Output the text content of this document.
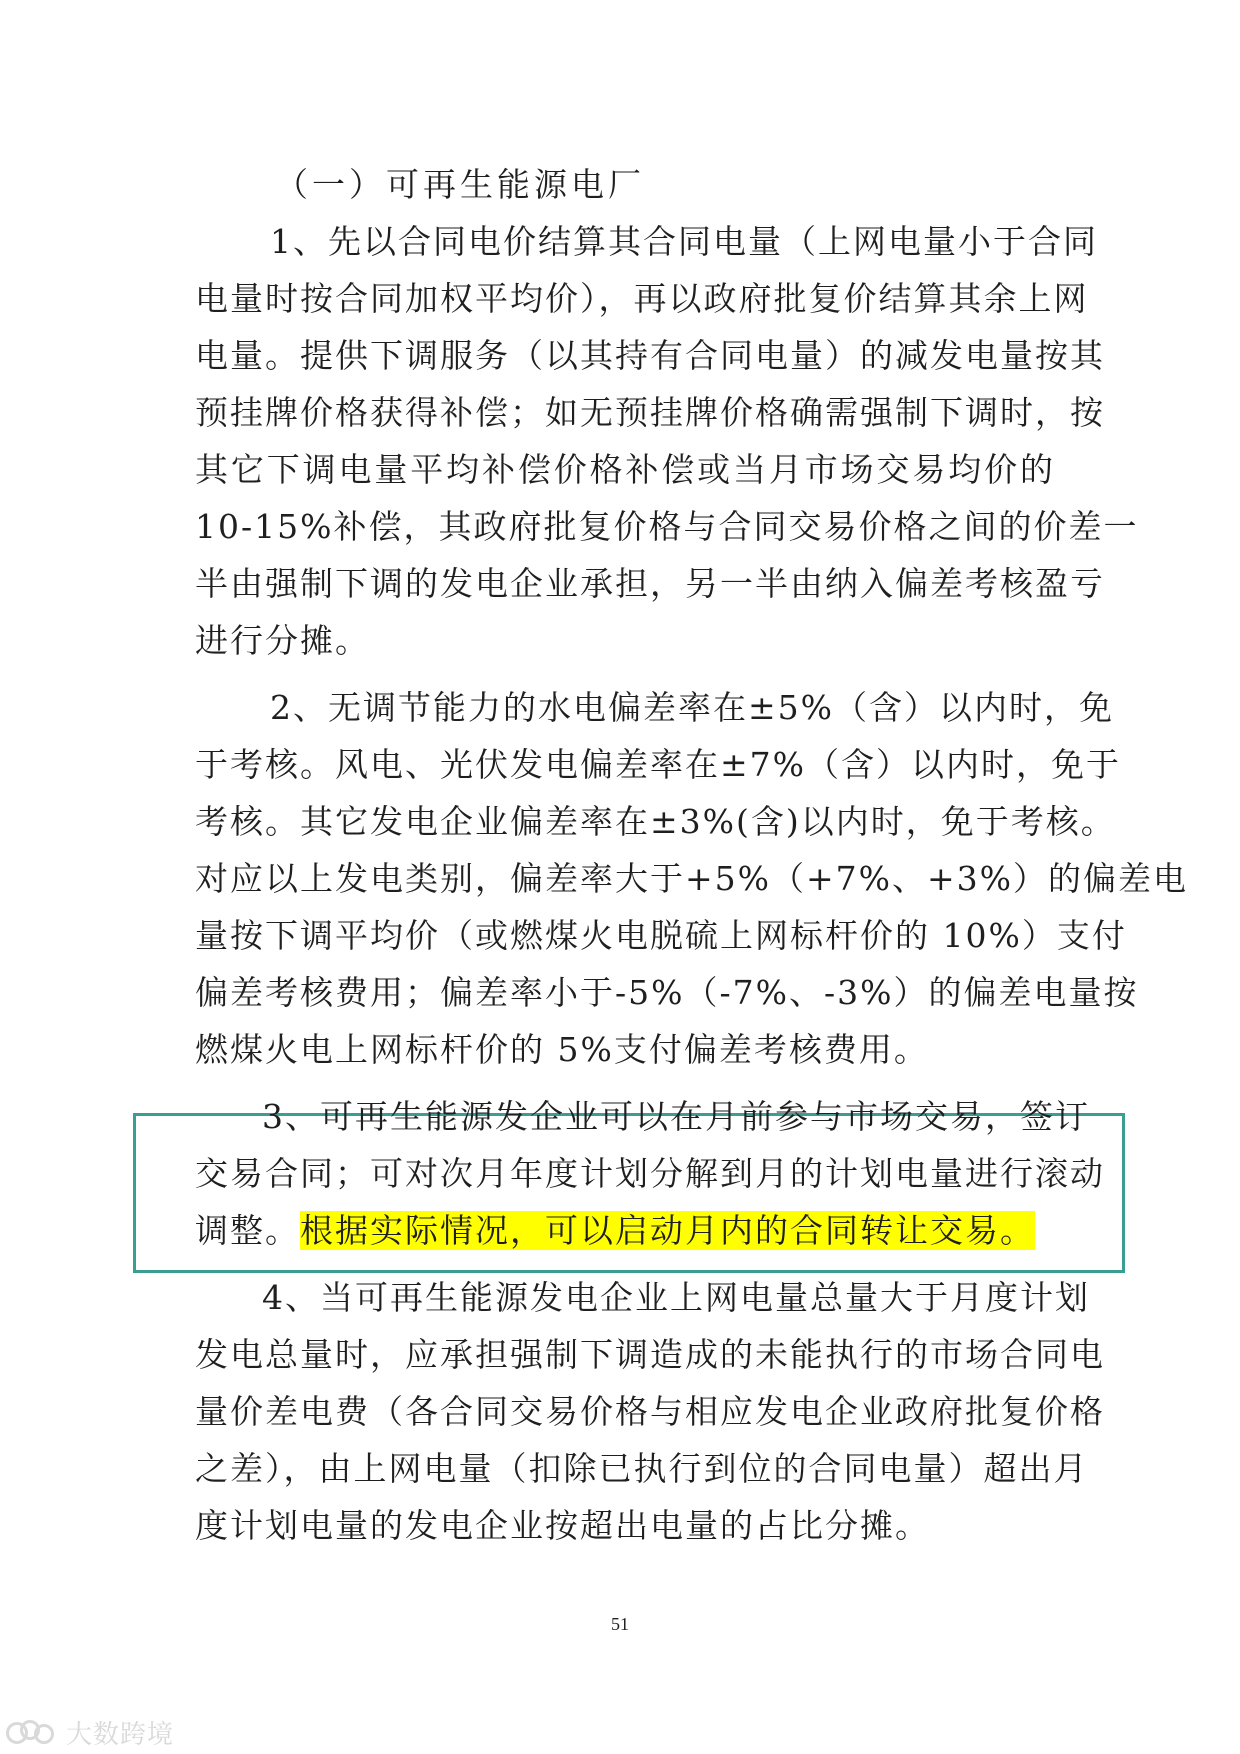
（一）可再生能源电厂
1、先以合同电价结算其合同电量（上网电量小于合同
电量时按合同加权平均价），再以政府批复价结算其余上网
电量。提供下调服务（以其持有合同电量）的减发电量按其
预挂牌价格获得补偿；如无预挂牌价格确需强制下调时，按
其它下调电量平均补偿价格补偿或当月市场交易均价的
10-15%补偿，其政府批复价格与合同交易价格之间的价差一
半由强制下调的发电企业承担，另一半由纳入偏差考核盈亏
进行分摊。
2、无调节能力的水电偏差率在±5%（含）以内时，免
于考核。风电、光伏发电偏差率在±7%（含）以内时，免于
考核。其它发电企业偏差率在±3%(含)以内时，免于考核。
对应以上发电类别，偏差率大于+5%（+7%、+3%）的偏差电
量按下调平均价（或燃煤火电脱硫上网标杆价的 10%）支付
偏差考核费用；偏差率小于-5%（-7%、-3%）的偏差电量按
燃煤火电上网标杆价的 5%支付偏差考核费用。
3、可再生能源发企业可以在月前参与市场交易，签订
交易合同；可对次月年度计划分解到月的计划电量进行滚动
调整。根据实际情况，可以启动月内的合同转让交易。
4、当可再生能源发电企业上网电量总量大于月度计划
发电总量时，应承担强制下调造成的未能执行的市场合同电
量价差电费（各合同交易价格与相应发电企业政府批复价格
之差），由上网电量（扣除已执行到位的合同电量）超出月
度计划电量的发电企业按超出电量的占比分摊。
51
大数跨境
